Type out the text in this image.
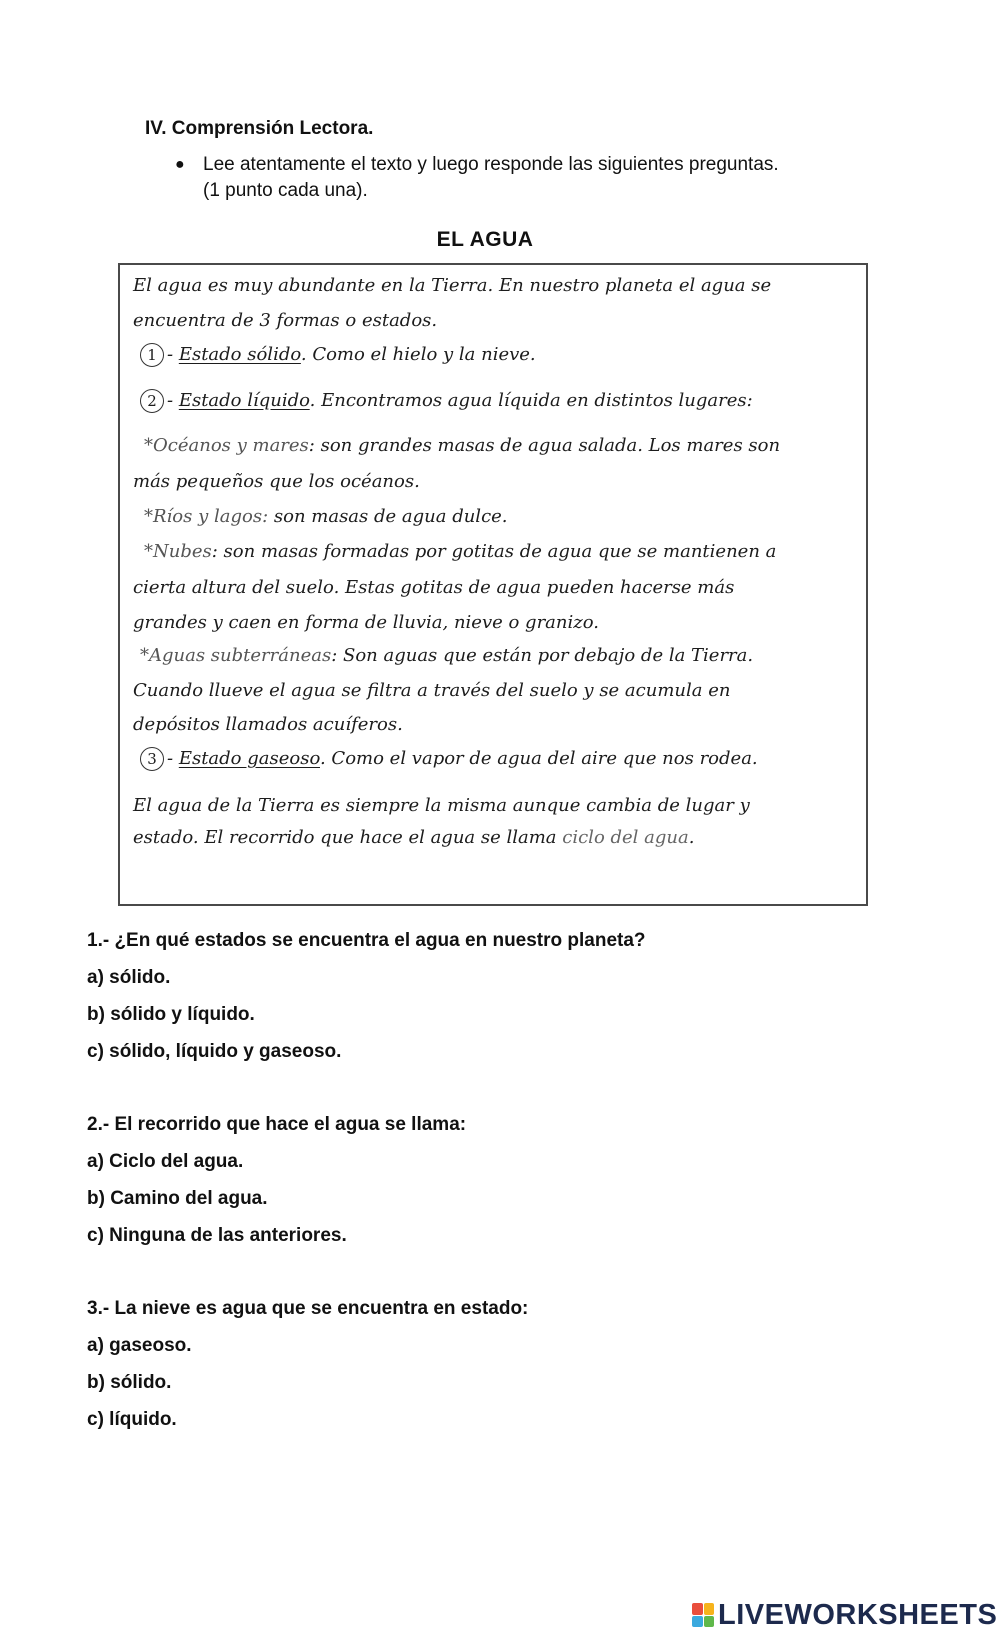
IV. Comprensión Lectora.
● Lee atentamente el texto y luego responde las siguientes preguntas.
(1 punto cada una).
EL AGUA
El agua es muy abundante en la Tierra. En nuestro planeta el agua se
encuentra de 3 formas o estados.
1 - Estado sólido. Como el hielo y la nieve.
2 - Estado líquido. Encontramos agua líquida en distintos lugares:
*Océanos y mares: son grandes masas de agua salada. Los mares son
más pequeños que los océanos.
*Ríos y lagos: son masas de agua dulce.
*Nubes: son masas formadas por gotitas de agua que se mantienen a
cierta altura del suelo. Estas gotitas de agua pueden hacerse más
grandes y caen en forma de lluvia, nieve o granizo.
*Aguas subterráneas: Son aguas que están por debajo de la Tierra.
Cuando llueve el agua se filtra a través del suelo y se acumula en
depósitos llamados acuíferos.
3 - Estado gaseoso. Como el vapor de agua del aire que nos rodea.
El agua de la Tierra es siempre la misma aunque cambia de lugar y
estado. El recorrido que hace el agua se llama ciclo del agua.

1.- ¿En qué estados se encuentra el agua en nuestro planeta?

a) sólido.

b) sólido y líquido.

c) sólido, líquido y gaseoso.

2.- El recorrido que hace el agua se llama:

a) Ciclo del agua.

b) Camino del agua.

c) Ninguna de las anteriores.

3.- La nieve es agua que se encuentra en estado:

a) gaseoso.

b) sólido.

c) líquido.

LIVEWORKSHEETS
